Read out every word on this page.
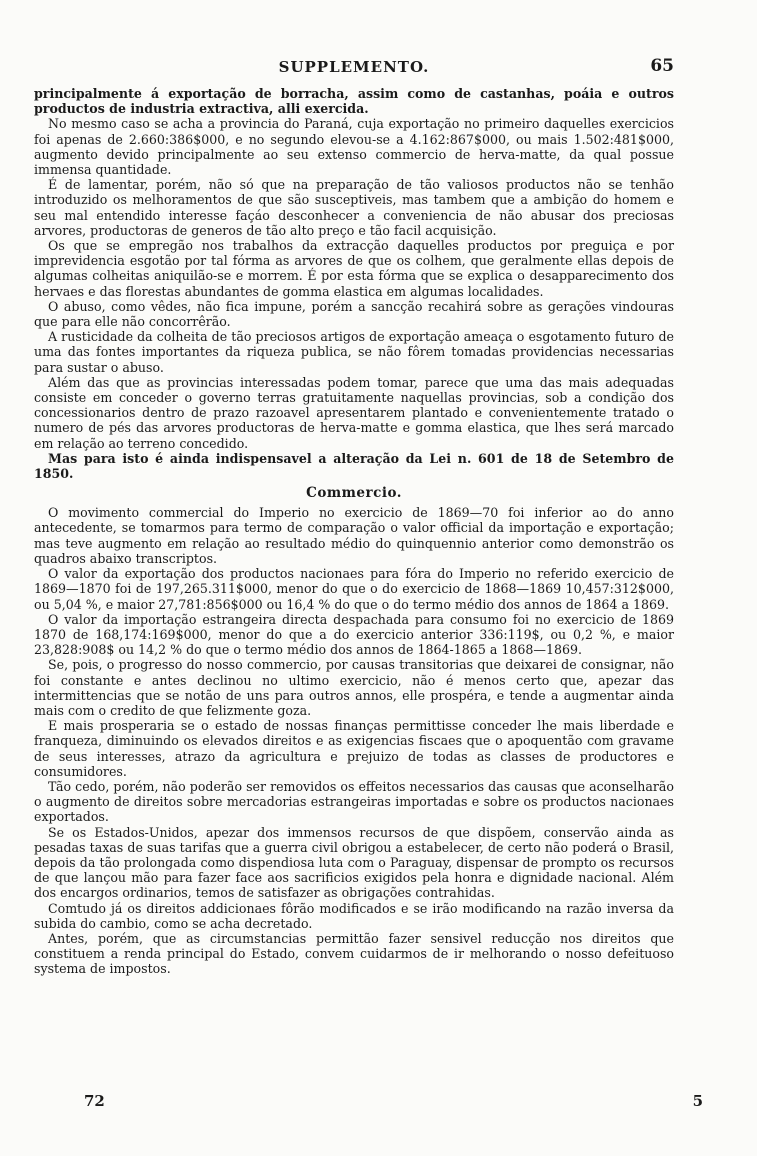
SUPPLEMENTO.	65

principalmente á exportação de borracha, assim como de castanhas, poáia e outros productos de industria extractiva, alli exercida.

No mesmo caso se acha a provincia do Paraná, cuja exportação no primeiro daquelles exercicios foi apenas de 2.660:386$000, e no segundo elevou-se a 4.162:867$000, ou mais 1.502:481$000, augmento devido principalmente ao seu extenso commercio de herva-matte, da qual possue immensa quantidade.

É de lamentar, porém, não só que na preparação de tão valiosos productos não se tenhão introduzido os melhoramentos de que são susceptiveis, mas tambem que a ambição do homem e seu mal entendido interesse façáo desconhecer a conveniencia de não abusar dos preciosas arvores, productoras de generos de tão alto preço e tão facil acquisição.

Os que se empregão nos trabalhos da extracção daquelles productos por preguiça e por imprevidencia esgotão por tal fórma as arvores de que os colhem, que geralmente ellas depois de algumas colheitas aniquilão-se e morrem. É por esta fórma que se explica o desapparecimento dos hervaes e das florestas abundantes de gomma elastica em algumas localidades.

O abuso, como vêdes, não fica impune, porém a sancção recahirá sobre as gerações vindouras que para elle não concorrêrão.

A rusticidade da colheita de tão preciosos artigos de exportação ameaça o esgotamento futuro de uma das fontes importantes da riqueza publica, se não fôrem tomadas providencias necessarias para sustar o abuso.

Além das que as provincias interessadas podem tomar, parece que uma das mais adequadas consiste em conceder o governo terras gratuitamente naquellas provincias, sob a condição dos concessionarios dentro de prazo razoavel apresentarem plantado e convenientemente tratado o numero de pés das arvores productoras de herva-matte e gomma elastica, que lhes será marcado em relação ao terreno concedido.

Mas para isto é ainda indispensavel a alteração da Lei n. 601 de 18 de Setembro de 1850.

Commercio.

O movimento commercial do Imperio no exercicio de 1869—70 foi inferior ao do anno antecedente, se tomarmos para termo de comparação o valor official da importação e exportação; mas teve augmento em relação ao resultado médio do quinquennio anterior como demonstrão os quadros abaixo transcriptos.

O valor da exportação dos productos nacionaes para fóra do Imperio no referido exercicio de 1869—1870 foi de 197,265.311$000, menor do que o do exercicio de 1868—1869 10,457:312$000, ou 5,04 %, e maior 27,781:856$000 ou 16,4 % do que o do termo médio dos annos de 1864 a 1869.

O valor da importação estrangeira directa despachada para consumo foi no exercicio de 1869 1870 de 168,174:169$000, menor do que a do exercicio anterior 336:119$, ou 0,2 %, e maior 23,828:908$ ou 14,2 % do que o termo médio dos annos de 1864-1865 a 1868—1869.

Se, pois, o progresso do nosso commercio, por causas transitorias que deixarei de consignar, não foi constante e antes declinou no ultimo exercicio, não é menos certo que, apezar das intermittencias que se notão de uns para outros annos, elle prospéra, e tende a augmentar ainda mais com o credito de que felizmente goza.

E mais prosperaria se o estado de nossas finanças permittisse conceder lhe mais liberdade e franqueza, diminuindo os elevados direitos e as exigencias fiscaes que o apoquentão com gravame de seus interesses, atrazo da agricultura e prejuizo de todas as classes de productores e consumidores.

Tão cedo, porém, não poderão ser removidos os effeitos necessarios das causas que aconselharão o augmento de direitos sobre mercadorias estrangeiras importadas e sobre os productos nacionaes exportados.

Se os Estados-Unidos, apezar dos immensos recursos de que dispõem, conservão ainda as pesadas taxas de suas tarifas que a guerra civil obrigou a estabelecer, de certo não poderá o Brasil, depois da tão prolongada como dispendiosa luta com o Paraguay, dispensar de prompto os recursos de que lançou mão para fazer face aos sacrificios exigidos pela honra e dignidade nacional. Além dos encargos ordinarios, temos de satisfazer as obrigações contrahidas.

Comtudo já os direitos addicionaes fôrão modificados e se irão modificando na razão inversa da subida do cambio, como se acha decretado.

Antes, porém, que as circumstancias permittão fazer sensivel reducção nos direitos que constituem a renda principal do Estado, convem cuidarmos de ir melhorando o nosso defeituoso systema de impostos.

72	5
